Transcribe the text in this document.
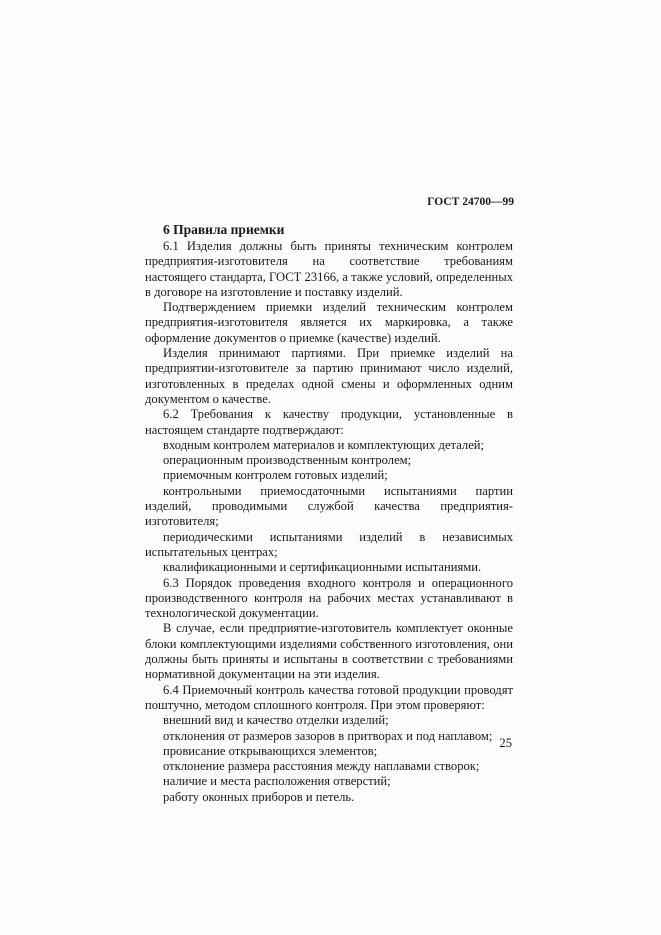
ГОСТ 24700—99
6 Правила приемки

6.1 Изделия должны быть приняты техническим контролем предприятия-изготовителя на соответствие требованиям настоящего стандарта, ГОСТ 23166, а также условий, определенных в договоре на изготовление и поставку изделий.

Подтверждением приемки изделий техническим контролем предприятия-изготовителя является их маркировка, а также оформление документов о приемке (качестве) изделий.

Изделия принимают партиями. При приемке изделий на предприятии-изготовителе за партию принимают число изделий, изготовленных в пределах одной смены и оформленных одним документом о качестве.

6.2 Требования к качеству продукции, установленные в настоящем стандарте подтверждают:

входным контролем материалов и комплектующих деталей;

операционным производственным контролем;

приемочным контролем готовых изделий;

контрольными приемосдаточными испытаниями партии изделий, проводимыми службой качества предприятия-изготовителя;

периодическими испытаниями изделий в независимых испытательных центрах;

квалификационными и сертификационными испытаниями.

6.3 Порядок проведения входного контроля и операционного производственного контроля на рабочих местах устанавливают в технологической документации.

В случае, если предприятие-изготовитель комплектует оконные блоки комплектующими изделиями собственного изготовления, они должны быть приняты и испытаны в соответствии с требованиями нормативной документации на эти изделия.

6.4 Приемочный контроль качества готовой продукции проводят поштучно, методом сплошного контроля. При этом проверяют:

внешний вид и качество отделки изделий;

отклонения от размеров зазоров в притворах и под наплавом;

провисание открывающихся элементов;

отклонение размера расстояния между наплавами створок;

наличие и места расположения отверстий;

работу оконных приборов и петель.

25
